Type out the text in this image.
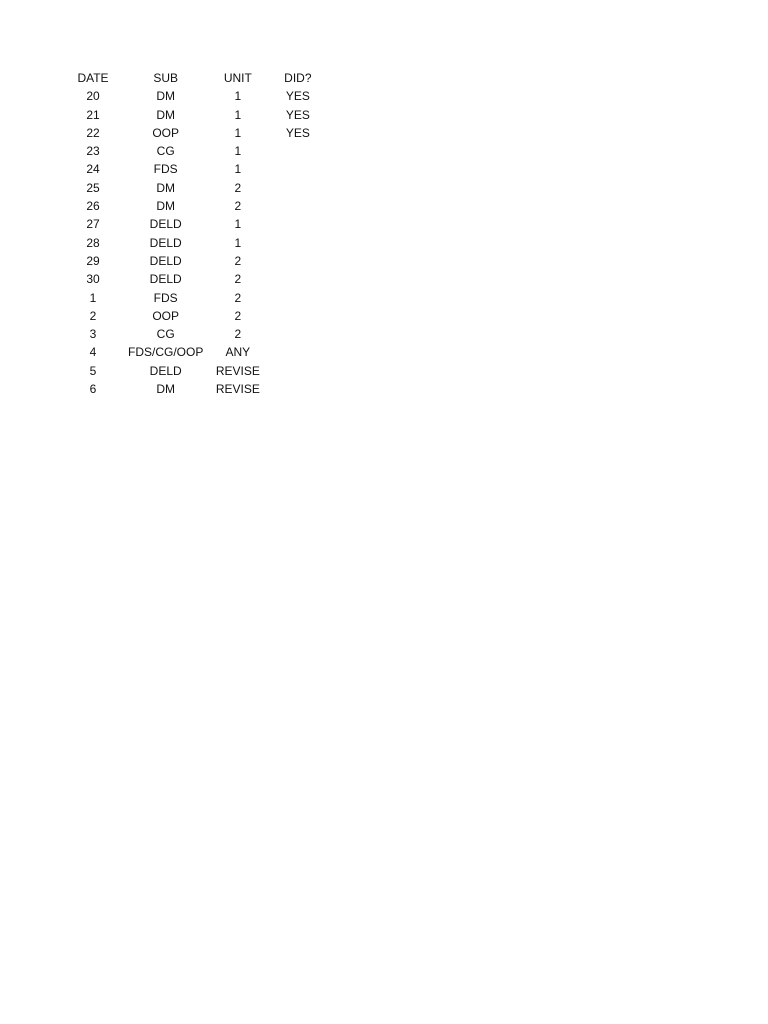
DATE	SUB	UNIT	DID?
20	DM	1	YES
21	DM	1	YES
22	OOP	1	YES
23	CG	1	
24	FDS	1	
25	DM	2	
26	DM	2	
27	DELD	1	
28	DELD	1	
29	DELD	2	
30	DELD	2	
1	FDS	2	
2	OOP	2	
3	CG	2	
4	FDS/CG/OOP	ANY	
5	DELD	REVISE	
6	DM	REVISE	
